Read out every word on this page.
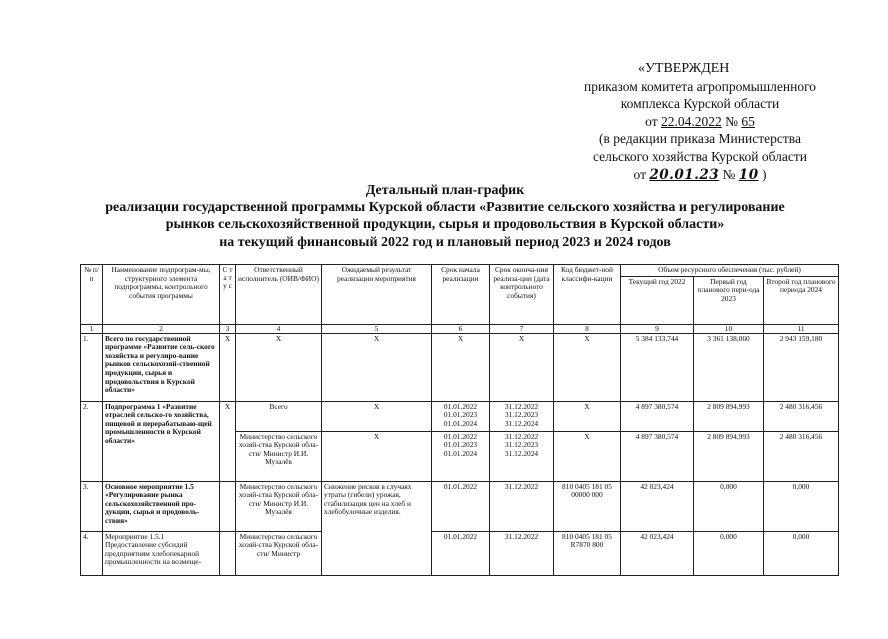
«УТВЕРЖДЕН
приказом комитета агропромышленного
комплекса Курской области
от 22.04.2022 № 65
(в редакции приказа Министерства
сельского хозяйства Курской области
от 20.01.23 № 10 )
Детальный план-график
реализации государственной программы Курской области «Развитие сельского хозяйства и регулирование
рынков сельскохозяйственной продукции, сырья и продовольствия в Курской области»
на текущий финансовый 2022 год и плановый период 2023 и 2024 годов
№ п/п	Наименование подпрограм-мы, структурного элемента подпрограммы, контрольного события программы	С т а т у с	Ответственный исполнитель (ОИВ/ФИО)	Ожидаемый результат реализации мероприятия	Срок начала реализации	Срок оконча-ния реализа-ции (дата контрольного события)	Код бюджет-ной классифи-кации	Объем ресурсного обеспечения (тыс. рублей)		
								Текущий год 2022	Первый год планового пери-ода 2023	Второй год планового периода 2024
1	2	3	4	5	6	7	8	9	10	11
1.	Всего по государственной программе «Развитие сель-ского хозяйства и регулиро-вание рынков сельскохозяй-ственной продукции, сырья и продовольствия в Курской области»	X	X	X	X	X	X	5 384 133,744	3 361 138,060	2 943 159,180
2.	Подпрограмма 1 «Развитие отраслей сельско-го хозяйства, пищевой и перерабатываю-щей промышленности в Курской области»	X	Всего	X	01.01.2022 01.01.2023 01.01.2024	31.12.2022 31.12.2023 31.12.2024	X	4 897 380,574	2 809 894,993	2 480 316,456
			Министерство сельского хозяй-ства Курской обла-сти/ Министр И.И. Музалёв	X	01.01.2022 01.01.2023 01.01.2024	31.12.2022 31.12.2023 31.12.2024	X	4 897 380,574	2 809 894,993	2 480 316,456
3.	Основное мероприятие 1.5 «Регулирование рынка сельскохозяйственной про-дукции, сырья и продоволь-ствия»		Министерство сельского хозяй-ства Курской обла-сти/ Министр И.И. Музалёв	Снижение рисков в случаях утраты (гибели) урожая, стабилизация цен на хлеб и хлебобулочные изделия.	01.01.2022	31.12.2022	810 0405 181 05 00000 000	42 023,424	0,000	0,000
4.	Мероприятие 1.5.1 Предоставление субсидий предприятиям хлебопекарной промышленности на возмеще-		Министерство сельского хозяй-ства Курской обла-сти/ Министр		01.01.2022	31.12.2022	810 0405 181 05 R7870 800	42 023,424	0,000	0,000
